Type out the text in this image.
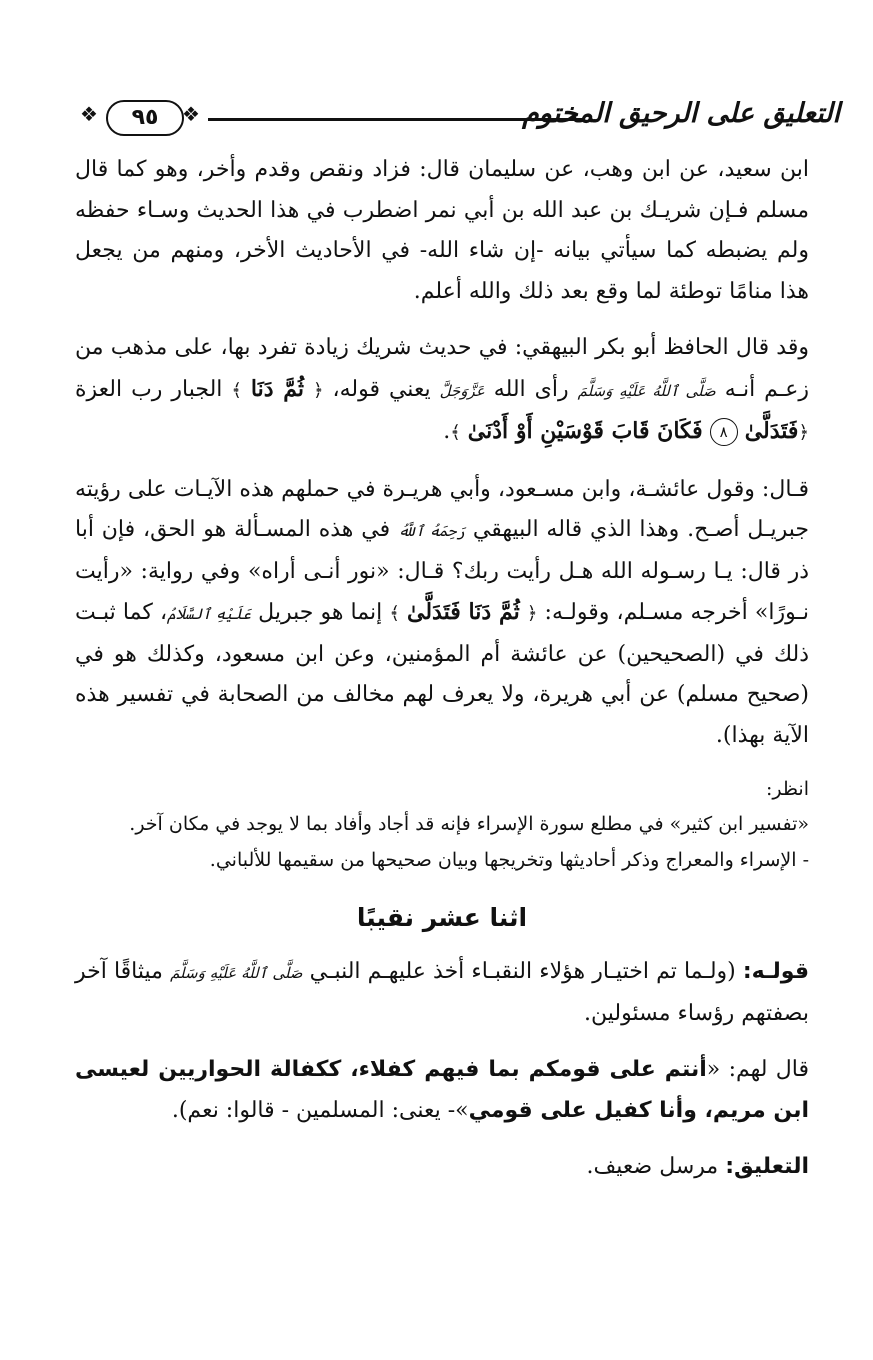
التعليق على الرحيق المختوم
❖
❖	٩٥

ابن سعيد، عن ابن وهب، عن سليمان قال: فزاد ونقص وقدم وأخر، وهو كما قال مسلم فـإن شريـك بن عبد الله بن أبي نمر اضطرب في هذا الحديث وسـاء حفظه ولم يضبطه كما سيأتي بيانه -إن شاء الله- في الأحاديث الأخر، ومنهم من يجعل هذا منامًا توطئة لما وقع بعد ذلك والله أعلم.

وقد قال الحافظ أبو بكر البيهقي: في حديث شريك زيادة تفرد بها، على مذهب من زعـم أنـه صَلَّى ٱللَّهُ عَلَيْهِ وَسَلَّمَ رأى الله عَزَّوَجَلَّ يعني قوله، ﴿ ثُمَّ دَنَا ﴾ الجبار رب العزة ﴿فَتَدَلَّىٰ ٨ فَكَانَ قَابَ قَوْسَيْنِ أَوْ أَدْنَىٰ ﴾.

قـال: وقول عائشـة، وابن مسـعود، وأبي هريـرة في حملهم هذه الآيـات على رؤيته جبريـل أصـح. وهذا الذي قاله البيهقي رَحِمَهُ ٱللَّهُ في هذه المسـألة هو الحق، فإن أبا ذر قال: يـا رسـوله الله هـل رأيت ربك؟ قـال: «نور أنـى أراه» وفي رواية: «رأيت نـورًا» أخرجه مسـلم، وقولـه: ﴿ ثُمَّ دَنَا فَتَدَلَّىٰ ﴾ إنما هو جبريل عَلَيْهِ ٱلسَّلَامُ، كما ثبـت ذلك في (الصحيحين) عن عائشة أم المؤمنين، وعن ابن مسعود، وكذلك هو في (صحيح مسلم) عن أبي هريرة، ولا يعرف لهم مخالف من الصحابة في تفسير هذه الآية بهذا).

انظر:

«تفسير ابن كثير» في مطلع سورة الإسراء فإنه قد أجاد وأفاد بما لا يوجد في مكان آخر.
- الإسراء والمعراج وذكر أحاديثها وتخريجها وبيان صحيحها من سقيمها للألباني.
اثنا عشر نقيبًا

قولـه: (ولـما تم اختيـار هؤلاء النقبـاء أخذ عليهـم النبـي صَلَّى ٱللَّهُ عَلَيْهِ وَسَلَّمَ ميثاقًا آخر بصفتهم رؤساء مسئولين.

قال لهم: «أنتم على قومكم بما فيهم كفلاء، ككفالة الحواريين لعيسى ابن مريم، وأنا كفيل على قومي»- يعنى: المسلمين - قالوا: نعم).

التعليق: مرسل ضعيف.
